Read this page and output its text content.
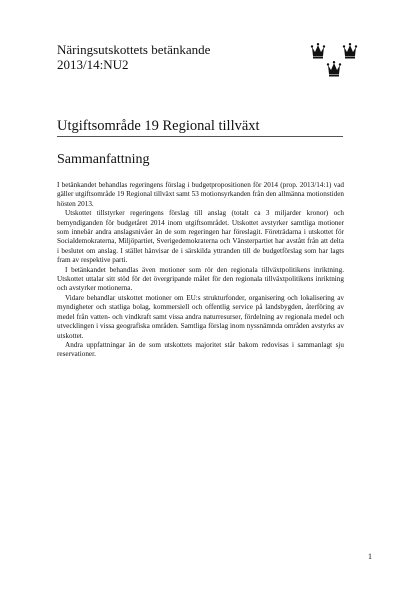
Näringsutskottets betänkande
2013/14:NU2
Utgiftsområde 19 Regional tillväxt
Sammanfattning

I betänkandet behandlas regeringens förslag i budgetpropositionen för 2014 (prop. 2013/14:1) vad gäller utgiftsområde 19 Regional tillväxt samt 53 motionsyrkanden från den allmänna motionstiden hösten 2013.

Utskottet tillstyrker regeringens förslag till anslag (totalt ca 3 miljarder kronor) och bemyndiganden för budgetåret 2014 inom utgiftsområdet. Utskottet avstyrker samtliga motioner som innebär andra anslagsnivåer än de som regeringen har föreslagit. Företrädarna i utskottet för Socialdemokraterna, Miljöpartiet, Sverigedemokraterna och Vänsterpartiet har avstått från att delta i beslutet om anslag. I stället hänvisar de i särskilda yttranden till de budgetförslag som har lagts fram av respektive parti.

I betänkandet behandlas även motioner som rör den regionala tillväxtpolitikens inriktning. Utskottet uttalar sitt stöd för det övergripande målet för den regionala tillväxtpolitikens inriktning och avstyrker motionerna.

Vidare behandlar utskottet motioner om EU:s strukturfonder, organisering och lokalisering av myndigheter och statliga bolag, kommersiell och offentlig service på landsbygden, återföring av medel från vatten- och vindkraft samt vissa andra naturresurser, fördelning av regionala medel och utvecklingen i vissa geografiska områden. Samtliga förslag inom nyssnämnda områden avstyrks av utskottet.

Andra uppfattningar än de som utskottets majoritet står bakom redovisas i sammanlagt sju reservationer.

1
